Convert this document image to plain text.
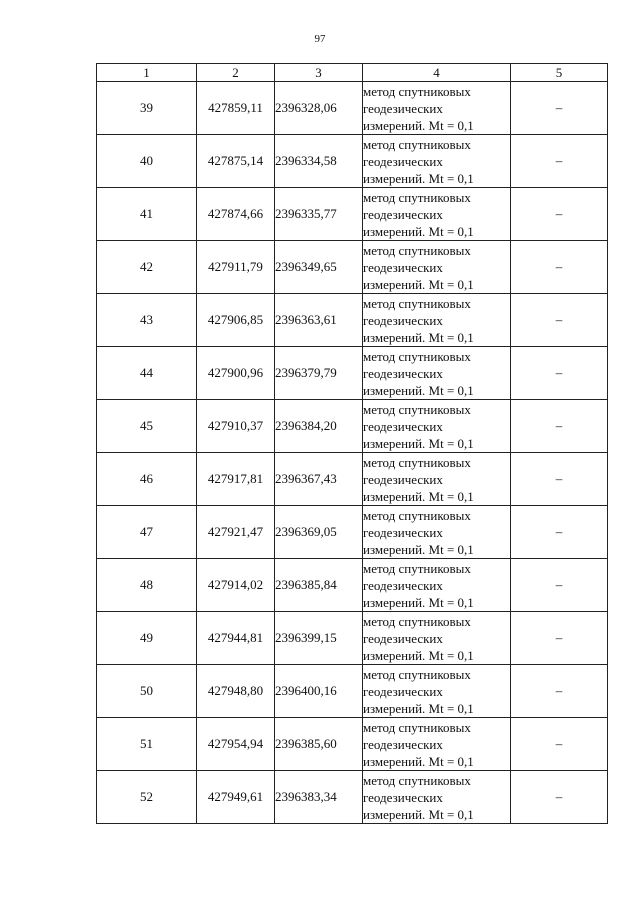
97
1	2	3	4	5
39	427859,11	2396328,06	метод спутниковых
геодезических
измерений. Mt = 0,1	–
40	427875,14	2396334,58	метод спутниковых
геодезических
измерений. Mt = 0,1	–
41	427874,66	2396335,77	метод спутниковых
геодезических
измерений. Mt = 0,1	–
42	427911,79	2396349,65	метод спутниковых
геодезических
измерений. Mt = 0,1	–
43	427906,85	2396363,61	метод спутниковых
геодезических
измерений. Mt = 0,1	–
44	427900,96	2396379,79	метод спутниковых
геодезических
измерений. Mt = 0,1	–
45	427910,37	2396384,20	метод спутниковых
геодезических
измерений. Mt = 0,1	–
46	427917,81	2396367,43	метод спутниковых
геодезических
измерений. Mt = 0,1	–
47	427921,47	2396369,05	метод спутниковых
геодезических
измерений. Mt = 0,1	–
48	427914,02	2396385,84	метод спутниковых
геодезических
измерений. Mt = 0,1	–
49	427944,81	2396399,15	метод спутниковых
геодезических
измерений. Mt = 0,1	–
50	427948,80	2396400,16	метод спутниковых
геодезических
измерений. Mt = 0,1	–
51	427954,94	2396385,60	метод спутниковых
геодезических
измерений. Mt = 0,1	–
52	427949,61	2396383,34	метод спутниковых
геодезических
измерений. Mt = 0,1	–
